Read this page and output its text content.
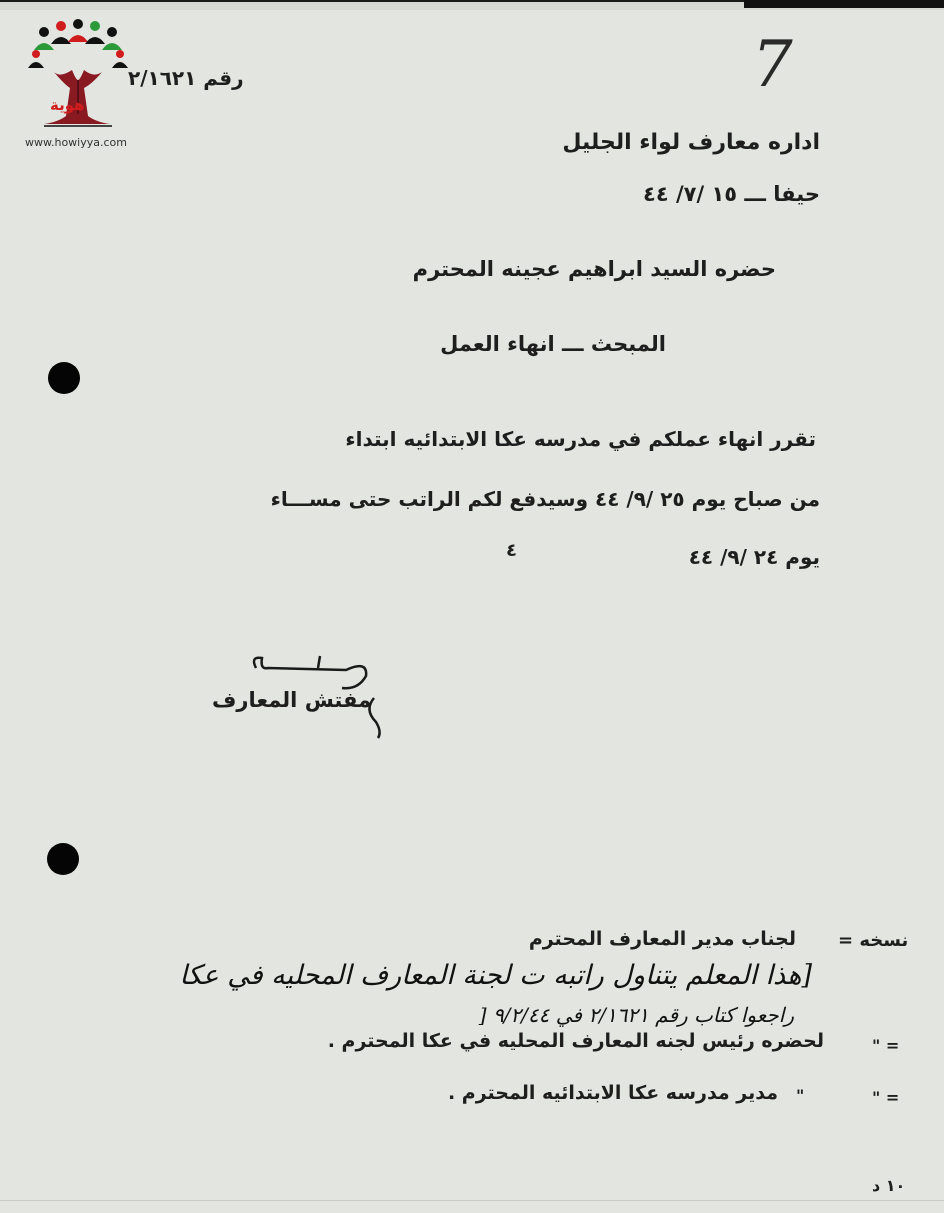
هوية
www.howiyya.com
رقم ٢/١٦٢١	7
اداره معارف لواء الجليل
حيفا ـــ ١٥ /٧/ ٤٤
حضره السيد ابراهيم عجينه المحترم
المبحث ـــ انهاء العمل
تقرر انهاء عملكم في مدرسه عكا الابتدائيه ابتداء
من صباح يوم ٢٥ /٩/ ٤٤ وسيدفع لكم الراتب حتى مســـاء
يوم ٢٤ /٩/ ٤٤
٤
مفتش المعارف
نسخه =
لجناب مدير المعارف المحترم
[هذا المعلم يتناول راتبه ت لجنة المعارف المحليه في عكا
راجعوا كتاب رقم ٢/١٦٢١ في ٩/٢/٤٤ [
" =
لحضره رئيس لجنه المعارف المحليه في عكا المحترم .
" =
"
مدير مدرسه عكا الابتدائيه المحترم .
١٠ د
